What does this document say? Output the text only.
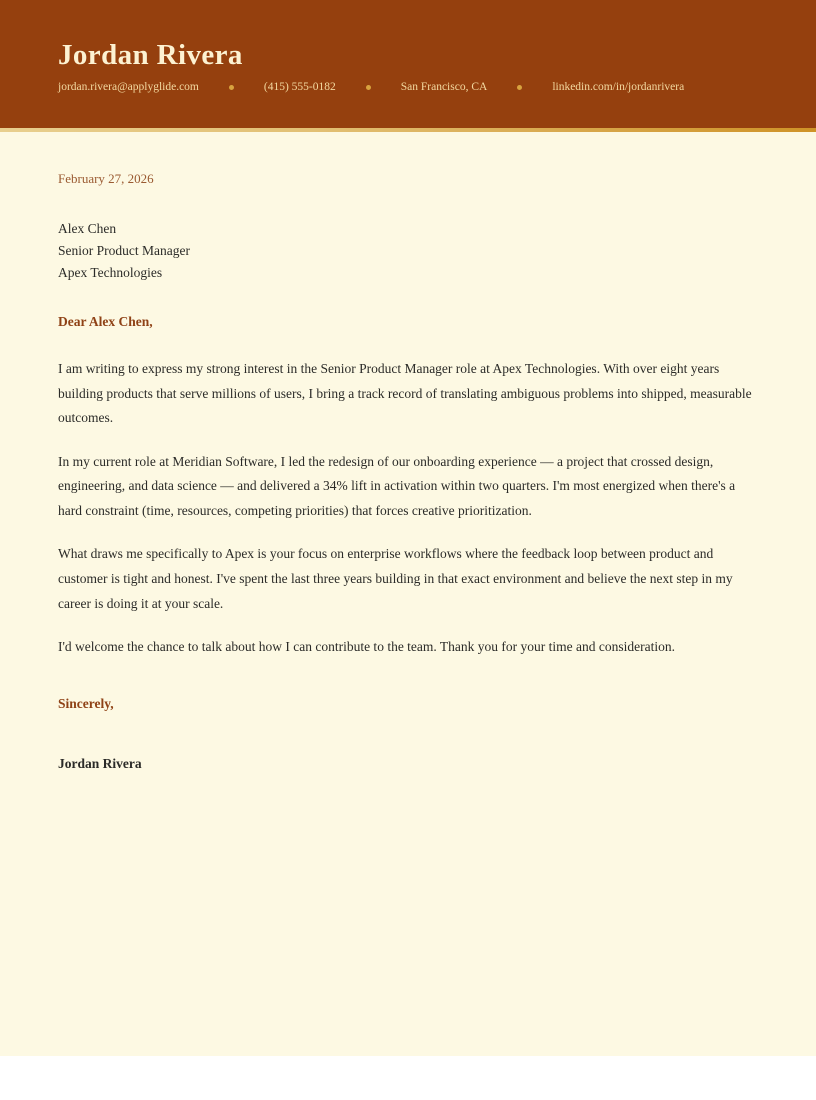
Jordan Rivera
jordan.rivera@applyglide.com	(415) 555-0182	San Francisco, CA	linkedin.com/in/jordanrivera
February 27, 2026
Alex Chen
Senior Product Manager
Apex Technologies
Dear Alex Chen,

I am writing to express my strong interest in the Senior Product Manager role at Apex Technologies. With over eight years building products that serve millions of users, I bring a track record of translating ambiguous problems into shipped, measurable outcomes.

In my current role at Meridian Software, I led the redesign of our onboarding experience — a project that crossed design, engineering, and data science — and delivered a 34% lift in activation within two quarters. I'm most energized when there's a hard constraint (time, resources, competing priorities) that forces creative prioritization.

What draws me specifically to Apex is your focus on enterprise workflows where the feedback loop between product and customer is tight and honest. I've spent the last three years building in that exact environment and believe the next step in my career is doing it at your scale.

I'd welcome the chance to talk about how I can contribute to the team. Thank you for your time and consideration.

Sincerely,
Jordan Rivera
